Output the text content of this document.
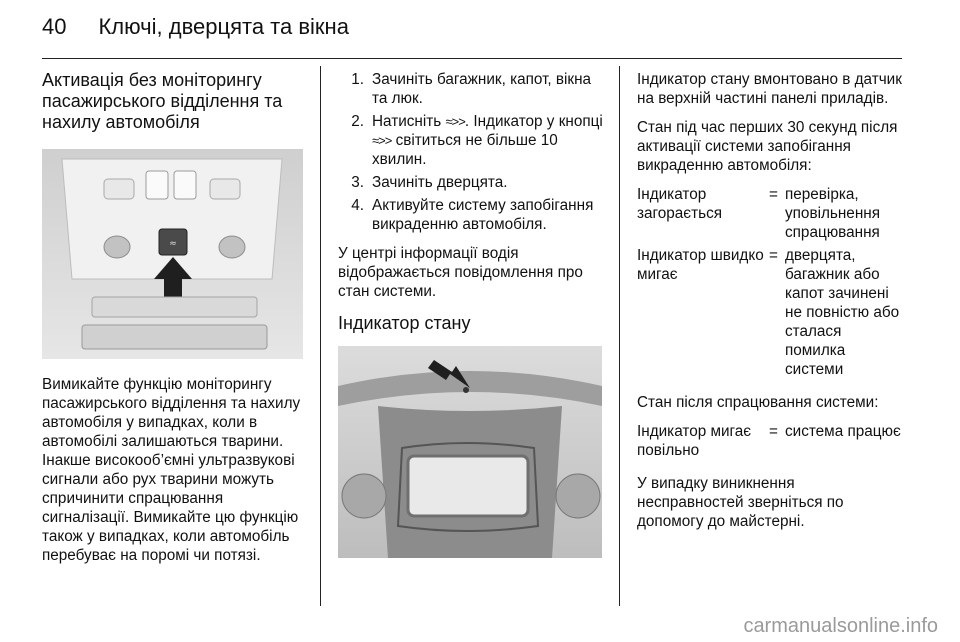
40 Ключі, дверцята та вікна
Активація без моніторингу пасажирського відділення та нахилу автомобіля
≈

Вимикайте функцію моніторингу пасажирського відділення та нахилу автомобіля у випадках, коли в автомобілі залишаються тварини. Інакше високооб’ємні ультразвукові сигнали або рух тварини можуть спричинити спрацювання сигналізації. Вимикайте цю функцію також у випадках, коли автомобіль перебуває на поромі чи потязі.

1. Зачиніть багажник, капот, вікна та люк.
2. Натисніть ≈>>. Індикатор у кнопці ≈>> світиться не більше 10 хвилин.
3. Зачиніть дверцята.
4. Активуйте систему запобігання викраденню автомобіля.

У центрі інформації водія відображається повідомлення про стан системи.

Індикатор стану

Індикатор стану вмонтовано в датчик на верхній частині панелі приладів.

Стан під час перших 30 секунд після активації системи запобігання викраденню автомобіля:

Індикатор загорається	=	перевірка, уповільнення спрацювання
Індикатор швидко мигає	=	дверцята, багажник або капот зачинені не повністю або сталася помилка системи

Стан після спрацювання системи:

Індикатор мигає повільно	=	система працює

У випадку виникнення несправностей зверніться по допомогу до майстерні.

carmanualsonline.info
